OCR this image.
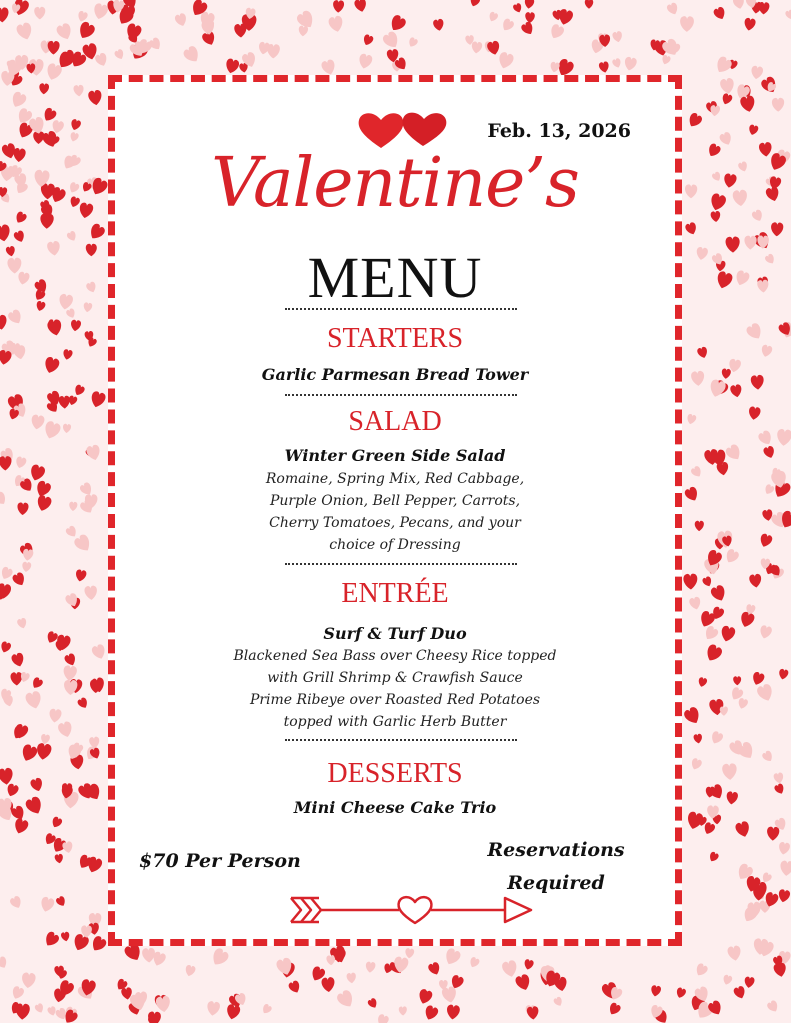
Feb. 13, 2026
Valentine’s
MENU
STARTERS
Garlic Parmesan Bread Tower
SALAD
Winter Green Side Salad
Romaine, Spring Mix, Red Cabbage,
Purple Onion, Bell Pepper, Carrots,
Cherry Tomatoes, Pecans, and your
choice of Dressing
ENTRÉE
Surf & Turf Duo
Blackened Sea Bass over Cheesy Rice topped
with Grill Shrimp & Crawfish Sauce
Prime Ribeye over Roasted Red Potatoes
topped with Garlic Herb Butter
DESSERTS
Mini Cheese Cake Trio
$70 Per Person	Reservations
Required
